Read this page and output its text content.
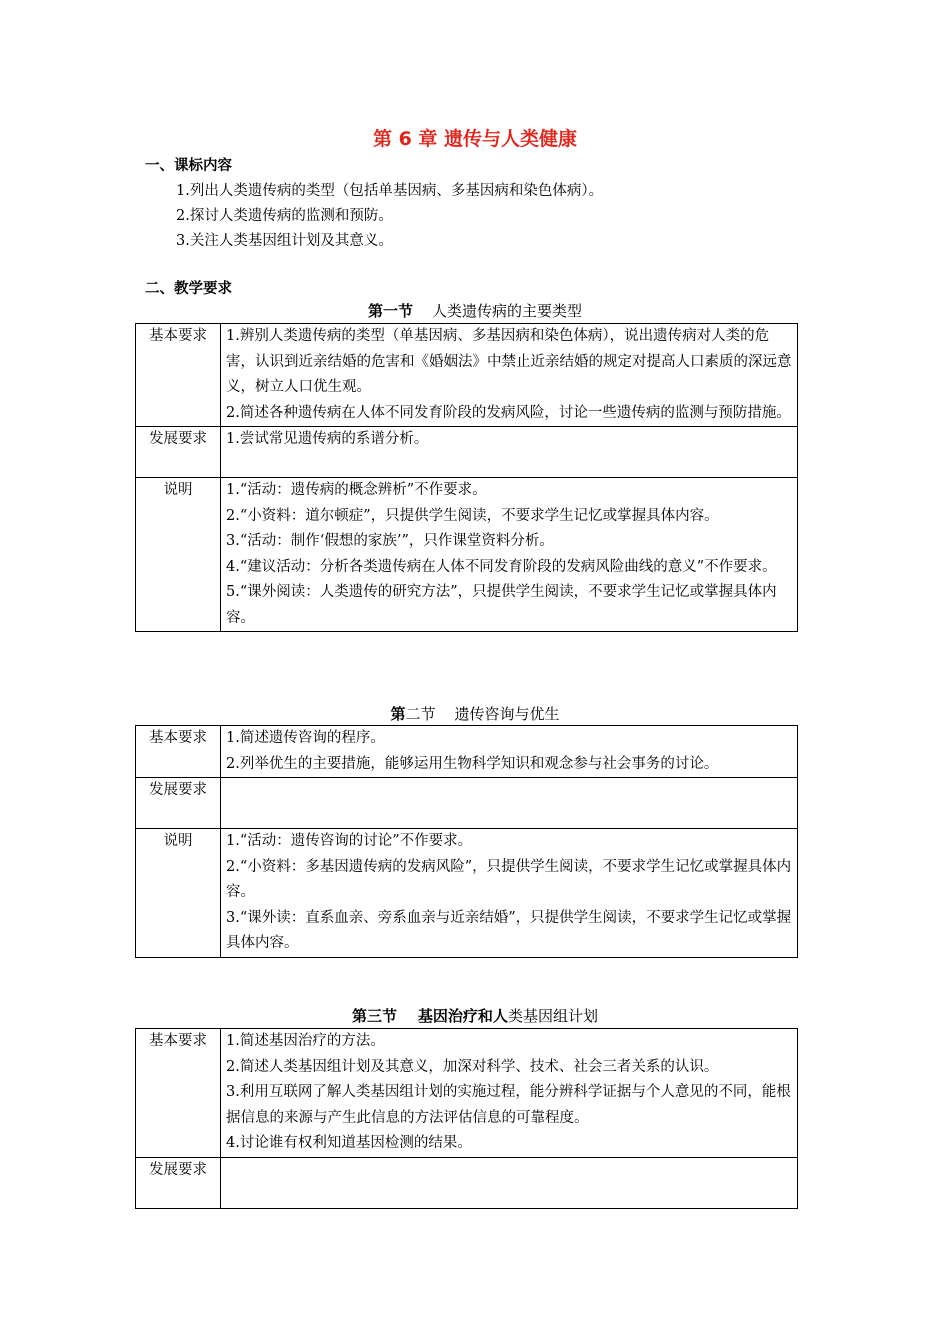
第 6 章 遗传与人类健康
一、课标内容
1.列出人类遗传病的类型（包括单基因病、多基因病和染色体病）。
2.探讨人类遗传病的监测和预防。
3.关注人类基因组计划及其意义。
二、教学要求
第一节 人类遗传病的主要类型
基本要求	1.辨别人类遗传病的类型（单基因病、多基因病和染色体病），说出遗传病对人类的危害，认识到近亲结婚的危害和《婚姻法》中禁止近亲结婚的规定对提高人口素质的深远意义，树立人口优生观。
2.简述各种遗传病在人体不同发育阶段的发病风险，讨论一些遗传病的监测与预防措施。

发展要求	1.尝试常见遗传病的系谱分析。

说明	1.“活动：遗传病的概念辨析”不作要求。
2.“小资料：道尔顿症”，只提供学生阅读，不要求学生记忆或掌握具体内容。
3.“活动：制作‘假想的家族’”，只作课堂资料分析。
4.“建议活动：分析各类遗传病在人体不同发育阶段的发病风险曲线的意义”不作要求。
5.“课外阅读：人类遗传的研究方法”，只提供学生阅读，不要求学生记忆或掌握具体内容。
第二节    遗传咨询与优生
基本要求	1.简述遗传咨询的程序。
2.列举优生的主要措施，能够运用生物科学知识和观念参与社会事务的讨论。

发展要求	
说明	1.“活动：遗传咨询的讨论”不作要求。
2.“小资料：多基因遗传病的发病风险”，只提供学生阅读，不要求学生记忆或掌握具体内容。
3.“课外读：直系血亲、旁系血亲与近亲结婚”，只提供学生阅读，不要求学生记忆或掌握具体内容。
第三节    基因治疗和人类基因组计划
基本要求	1.简述基因治疗的方法。
2.简述人类基因组计划及其意义，加深对科学、技术、社会三者关系的认识。
3.利用互联网了解人类基因组计划的实施过程，能分辨科学证据与个人意见的不同，能根据信息的来源与产生此信息的方法评估信息的可靠程度。
4.讨论谁有权利知道基因检测的结果。

发展要求	
